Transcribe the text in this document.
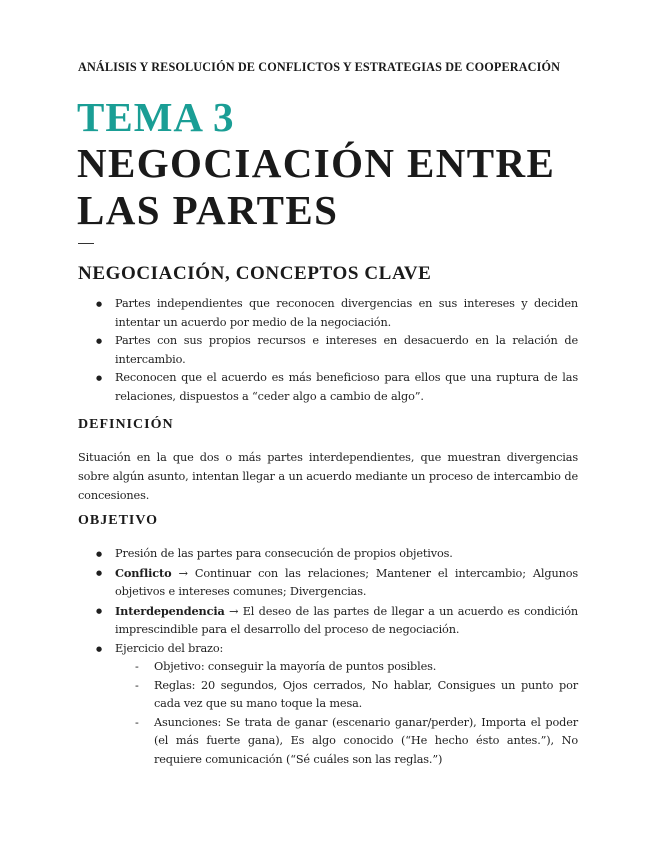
ANÁLISIS Y RESOLUCIÓN DE CONFLICTOS Y ESTRATEGIAS DE COOPERACIÓN
TEMA 3
NEGOCIACIÓN ENTRE
LAS PARTES
NEGOCIACIÓN, CONCEPTOS CLAVE
● Partes independientes que reconocen divergencias en sus intereses y deciden intentar un acuerdo por medio de la negociación.
● Partes con sus propios recursos e intereses en desacuerdo en la relación de intercambio.
● Reconocen que el acuerdo es más beneficioso para ellos que una ruptura de las relaciones, dispuestos a “ceder algo a cambio de algo”.
DEFINICIÓN
Situación en la que dos o más partes interdependientes, que muestran divergencias sobre algún asunto, intentan llegar a un acuerdo mediante un proceso de intercambio de concesiones.
OBJETIVO
● Presión de las partes para consecución de propios objetivos.
● Conflicto → Continuar con las relaciones; Mantener el intercambio; Algunos objetivos e intereses comunes; Divergencias.
● Interdependencia → El deseo de las partes de llegar a un acuerdo es condición imprescindible para el desarrollo del proceso de negociación.
● Ejercicio del brazo:
- Objetivo: conseguir la mayoría de puntos posibles.
- Reglas: 20 segundos, Ojos cerrados, No hablar, Consigues un punto por cada vez que su mano toque la mesa.
- Asunciones: Se trata de ganar (escenario ganar/perder), Importa el poder (el más fuerte gana), Es algo conocido (“He hecho ésto antes.”), No requiere comunicación (“Sé cuáles son las reglas.”)
